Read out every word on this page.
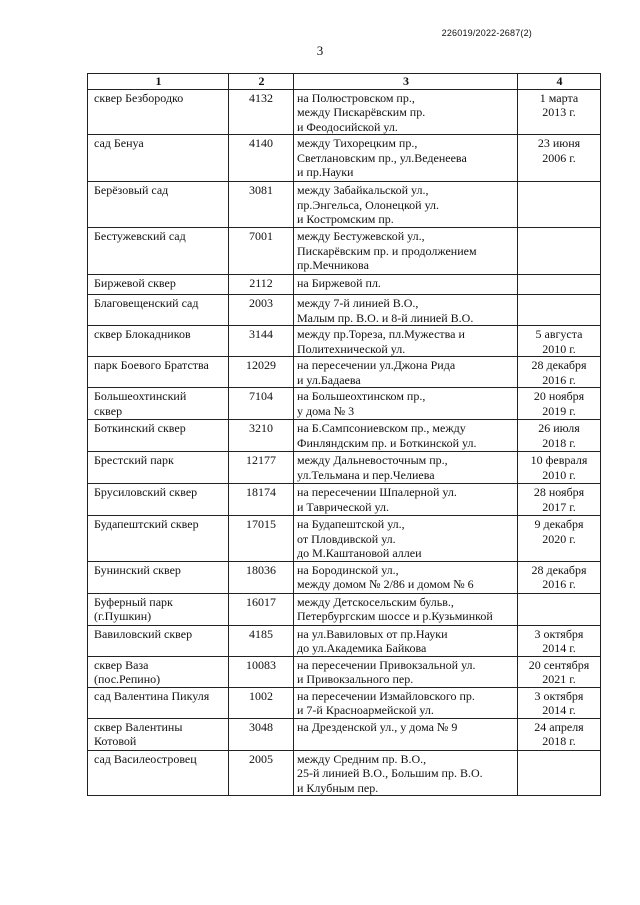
226019/2022-2687(2)
3
1	2	3	4

сквер Безбородко	4132	на Полюстровском пр.,
между Пискарёвским пр.
и Феодосийской ул.	1 марта
2013 г.

сад Бенуа	4140	между Тихорецким пр.,
Светлановским пр., ул.Веденеева
и пр.Науки	23 июня
2006 г.

Берёзовый сад	3081	между Забайкальской ул.,
пр.Энгельса, Олонецкой ул.
и Костромским пр.	

Бестужевский сад	7001	между Бестужевской ул.,
Пискарёвским пр. и продолжением
пр.Мечникова	

Биржевой сквер	2112	на Биржевой пл.	

Благовещенский сад	2003	между 7-й линией В.О.,
Малым пр. В.О. и 8-й линией В.О.	

сквер Блокадников	3144	между пр.Тореза, пл.Мужества и
Политехнической ул.	5 августа
2010 г.

парк Боевого Братства	12029	на пересечении ул.Джона Рида
и ул.Бадаева	28 декабря
2016 г.

Большеохтинский
сквер	7104	на Большеохтинском пр.,
у дома № 3	20 ноября
2019 г.

Боткинский сквер	3210	на Б.Сампсониевском пр., между
Финляндским пр. и Боткинской ул.	26 июля
2018 г.

Брестский парк	12177	между Дальневосточным пр.,
ул.Тельмана и пер.Челиева	10 февраля
2010 г.

Брусиловский сквер	18174	на пересечении Шпалерной ул.
и Таврической ул.	28 ноября
2017 г.

Будапештский сквер	17015	на Будапештской ул.,
от Пловдивской ул.
до М.Каштановой аллеи	9 декабря
2020 г.

Бунинский сквер	18036	на Бородинской ул.,
между домом № 2/86 и домом № 6	28 декабря
2016 г.

Буферный парк
(г.Пушкин)	16017	между Детскосельским бульв.,
Петербургским шоссе и р.Кузьминкой	

Вавиловский сквер	4185	на ул.Вавиловых от пр.Науки
до ул.Академика Байкова	3 октября
2014 г.

сквер Ваза
(пос.Репино)	10083	на пересечении Привокзальной ул.
и Привокзального пер.	20 сентября
2021 г.

сад Валентина Пикуля	1002	на пересечении Измайловского пр.
и 7-й Красноармейской ул.	3 октября
2014 г.

сквер Валентины
Котовой	3048	на Дрезденской ул., у дома № 9	24 апреля
2018 г.

сад Василеостровец	2005	между Средним пр. В.О.,
25-й линией В.О., Большим пр. В.О.
и Клубным пер.	
